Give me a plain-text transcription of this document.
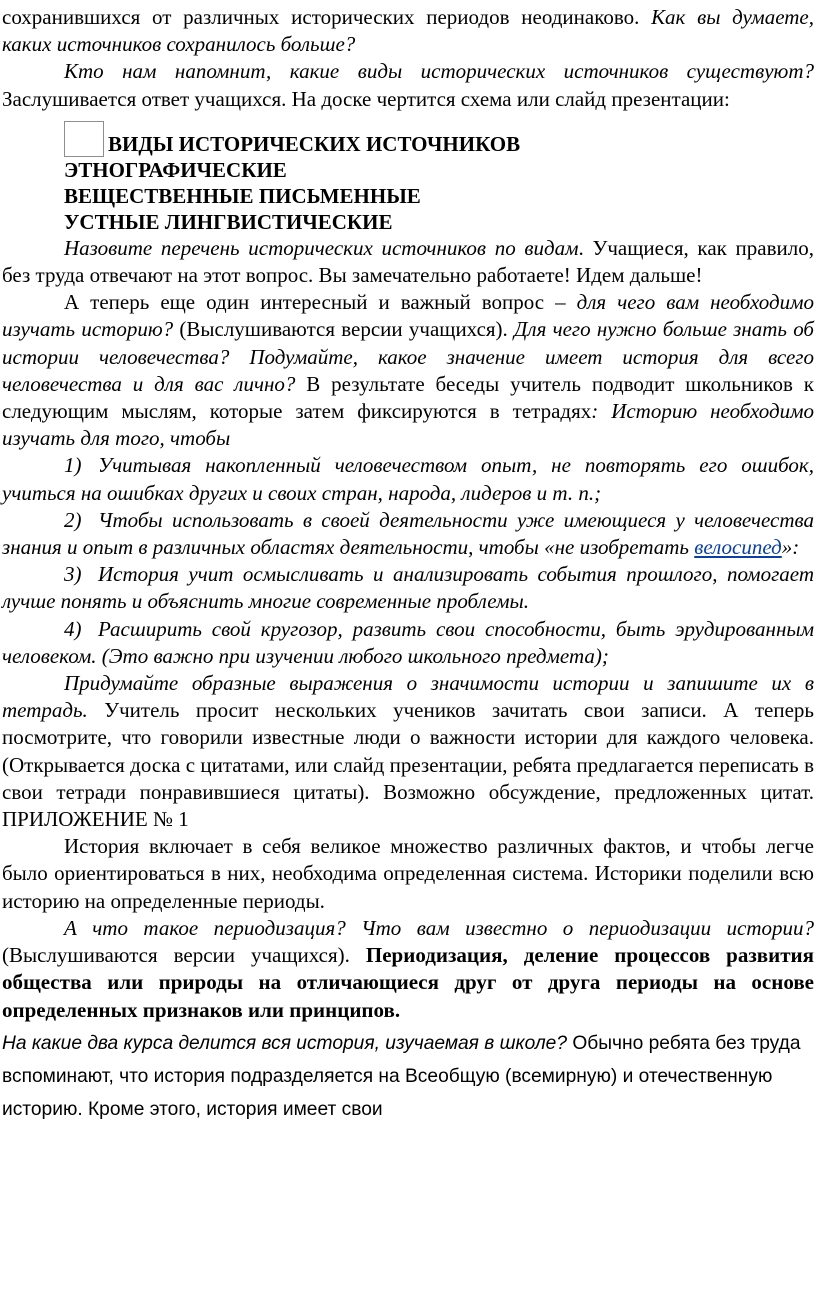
сохранившихся от различных исторических периодов неодинаково. Как вы думаете, каких источников сохранилось больше?

Кто нам напомнит, какие виды исторических источников существуют? Заслушивается ответ учащихся. На доске чертится схема или слайд презентации:

ВИДЫ ИСТОРИЧЕСКИХ ИСТОЧНИКОВ
ЭТНОГРАФИЧЕСКИЕ
ВЕЩЕСТВЕННЫЕ ПИСЬМЕННЫЕ
УСТНЫЕ ЛИНГВИСТИЧЕСКИЕ

Назовите перечень исторических источников по видам. Учащиеся, как правило, без труда отвечают на этот вопрос. Вы замечательно работаете! Идем дальше!

А теперь еще один интересный и важный вопрос – для чего вам необходимо изучать историю? (Выслушиваются версии учащихся). Для чего нужно больше знать об истории человечества? Подумайте, какое значение имеет история для всего человечества и для вас лично? В результате беседы учитель подводит школьников к следующим мыслям, которые затем фиксируются в тетрадях: Историю необходимо изучать для того, чтобы

1) Учитывая накопленный человечеством опыт, не повторять его ошибок, учиться на ошибках других и своих стран, народа, лидеров и т. п.;

2) Чтобы использовать в своей деятельности уже имеющиеся у человечества знания и опыт в различных областях деятельности, чтобы «не изобретать велосипед»:

3) История учит осмысливать и анализировать события прошлого, помогает лучше понять и объяснить многие современные проблемы.

4) Расширить свой кругозор, развить свои способности, быть эрудированным человеком. (Это важно при изучении любого школьного предмета);

Придумайте образные выражения о значимости истории и запишите их в тетрадь. Учитель просит нескольких учеников зачитать свои записи. А теперь посмотрите, что говорили известные люди о важности истории для каждого человека. (Открывается доска с цитатами, или слайд презентации, ребята предлагается переписать в свои тетради понравившиеся цитаты). Возможно обсуждение, предложенных цитат. ПРИЛОЖЕНИЕ № 1

История включает в себя великое множество различных фактов, и чтобы легче было ориентироваться в них, необходима определенная система. Историки поделили всю историю на определенные периоды.

А что такое периодизация? Что вам известно о периодизации истории? (Выслушиваются версии учащихся). Периодизация, деление процессов развития общества или природы на отличающиеся друг от друга периоды на основе определенных признаков или принципов.

На какие два курса делится вся история, изучаемая в школе? Обычно ребята без труда вспоминают, что история подразделяется на Всеобщую (всемирную) и отечественную историю. Кроме этого, история имеет свои
